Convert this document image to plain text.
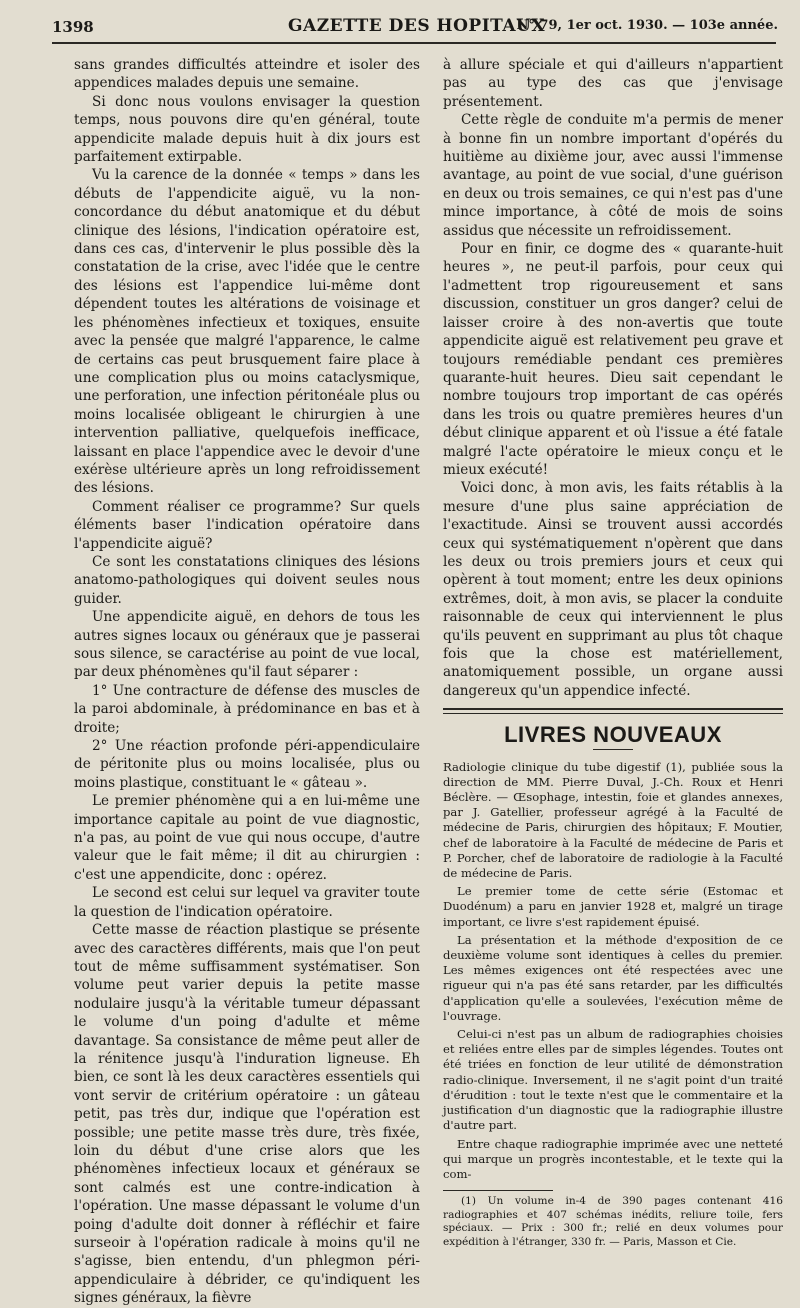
1398	GAZETTE DES HOPITAUX
N° 79, 1er oct. 1930. — 103e année.

sans grandes difficultés atteindre et isoler des appendices malades depuis une semaine.

Si donc nous voulons envisager la question temps, nous pouvons dire qu'en général, toute appendicite malade depuis huit à dix jours est parfaitement extirpable.

Vu la carence de la donnée « temps » dans les débuts de l'appendicite aiguë, vu la non-concordance du début anatomique et du début clinique des lésions, l'indication opératoire est, dans ces cas, d'intervenir le plus possible dès la constatation de la crise, avec l'idée que le centre des lésions est l'appendice lui-même dont dépendent toutes les altérations de voisinage et les phénomènes infectieux et toxiques, ensuite avec la pensée que malgré l'apparence, le calme de certains cas peut brusquement faire place à une complication plus ou moins cataclysmique, une perforation, une infection péritonéale plus ou moins localisée obligeant le chirurgien à une intervention palliative, quelquefois inefficace, laissant en place l'appendice avec le devoir d'une exérèse ultérieure après un long refroidissement des lésions.

Comment réaliser ce programme? Sur quels éléments baser l'indication opératoire dans l'appendicite aiguë?

Ce sont les constatations cliniques des lésions anatomo-pathologiques qui doivent seules nous guider.

Une appendicite aiguë, en dehors de tous les autres signes locaux ou généraux que je passerai sous silence, se caractérise au point de vue local, par deux phénomènes qu'il faut séparer :

1° Une contracture de défense des muscles de la paroi abdominale, à prédominance en bas et à droite;

2° Une réaction profonde péri-appendiculaire de péritonite plus ou moins localisée, plus ou moins plastique, constituant le « gâteau ».

Le premier phénomène qui a en lui-même une importance capitale au point de vue diagnostic, n'a pas, au point de vue qui nous occupe, d'autre valeur que le fait même; il dit au chirurgien : c'est une appendicite, donc : opérez.

Le second est celui sur lequel va graviter toute la question de l'indication opératoire.

Cette masse de réaction plastique se présente avec des caractères différents, mais que l'on peut tout de même suffisamment systématiser. Son volume peut varier depuis la petite masse nodulaire jusqu'à la véritable tumeur dépassant le volume d'un poing d'adulte et même davantage. Sa consistance de même peut aller de la rénitence jusqu'à l'induration ligneuse. Eh bien, ce sont là les deux caractères essentiels qui vont servir de critérium opératoire : un gâteau petit, pas très dur, indique que l'opération est possible; une petite masse très dure, très fixée, loin du début d'une crise alors que les phénomènes infectieux locaux et généraux se sont calmés est une contre-indication à l'opération. Une masse dépassant le volume d'un poing d'adulte doit donner à réfléchir et faire surseoir à l'opération radicale à moins qu'il ne s'agisse, bien entendu, d'un phlegmon péri-appendiculaire à débrider, ce qu'indiquent les signes généraux, la fièvre

à allure spéciale et qui d'ailleurs n'appartient pas au type des cas que j'envisage présentement.

Cette règle de conduite m'a permis de mener à bonne fin un nombre important d'opérés du huitième au dixième jour, avec aussi l'immense avantage, au point de vue social, d'une guérison en deux ou trois semaines, ce qui n'est pas d'une mince importance, à côté de mois de soins assidus que nécessite un refroidissement.

Pour en finir, ce dogme des « quarante-huit heures », ne peut-il parfois, pour ceux qui l'admettent trop rigoureusement et sans discussion, constituer un gros danger? celui de laisser croire à des non-avertis que toute appendicite aiguë est relativement peu grave et toujours remédiable pendant ces premières quarante-huit heures. Dieu sait cependant le nombre toujours trop important de cas opérés dans les trois ou quatre premières heures d'un début clinique apparent et où l'issue a été fatale malgré l'acte opératoire le mieux conçu et le mieux exécuté!

Voici donc, à mon avis, les faits rétablis à la mesure d'une plus saine appréciation de l'exactitude. Ainsi se trouvent aussi accordés ceux qui systématiquement n'opèrent que dans les deux ou trois premiers jours et ceux qui opèrent à tout moment; entre les deux opinions extrêmes, doit, à mon avis, se placer la conduite raisonnable de ceux qui interviennent le plus qu'ils peuvent en supprimant au plus tôt chaque fois que la chose est matériellement, anatomiquement possible, un organe aussi dangereux qu'un appendice infecté.

LIVRES NOUVEAUX

Radiologie clinique du tube digestif (1), publiée sous la direction de MM. Pierre Duval, J.-Ch. Roux et Henri Béclère. — Œsophage, intestin, foie et glandes annexes, par J. Gatellier, professeur agrégé à la Faculté de médecine de Paris, chirurgien des hôpitaux; F. Moutier, chef de laboratoire à la Faculté de médecine de Paris et P. Porcher, chef de laboratoire de radiologie à la Faculté de médecine de Paris.

Le premier tome de cette série (Estomac et Duodénum) a paru en janvier 1928 et, malgré un tirage important, ce livre s'est rapidement épuisé.

La présentation et la méthode d'exposition de ce deuxième volume sont identiques à celles du premier. Les mêmes exigences ont été respectées avec une rigueur qui n'a pas été sans retarder, par les difficultés d'application qu'elle a soulevées, l'exécution même de l'ouvrage.

Celui-ci n'est pas un album de radiographies choisies et reliées entre elles par de simples légendes. Toutes ont été triées en fonction de leur utilité de démonstration radio-clinique. Inversement, il ne s'agit point d'un traité d'érudition : tout le texte n'est que le commentaire et la justification d'un diagnostic que la radiographie illustre d'autre part.

Entre chaque radiographie imprimée avec une netteté qui marque un progrès incontestable, et le texte qui la com-

(1) Un volume in-4 de 390 pages contenant 416 radiographies et 407 schémas inédits, reliure toile, fers spéciaux. — Prix : 300 fr.; relié en deux volumes pour expédition à l'étranger, 330 fr. — Paris, Masson et Cie.
